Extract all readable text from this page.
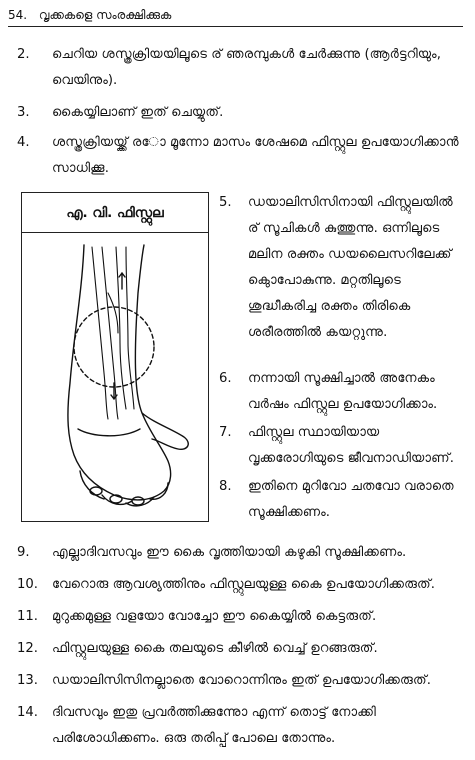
54. വൃക്കകളെ സംരക്ഷിക്കുക
2.	ചെറിയ ശസ്ത്രക്രിയയിലൂടെ ര് ഞരമ്പുകൾ ചേർക്കുന്നു (ആർട്ടറിയും, വെയിനും).
3.	കൈയ്യിലാണ് ഇത് ചെയ്യുത്.
4.	ശസ്ത്രക്രിയയ്ക്ക് ര​ോ മൂന്നോ മാസം ശേഷമെ ഫിസ്റ്റുല ഉപയോഗിക്കാൻ സാധിക്കൂ.
എ. വി. ഫിസ്റ്റുല
5.	ഡയാലിസിസിനായി ഫിസ്റ്റുലയിൽ ര് സൂചികൾ കുത്തുന്നു. ഒന്നിലൂടെ മലിന രക്തം ഡയലൈസറിലേക്ക് കൊുപോകുന്നു. മറ്റതിലൂടെ ശുദ്ധീകരിച്ച രക്തം തിരികെ ശരീരത്തിൽ കയറ്റുന്നു.
6.	നന്നായി സൂക്ഷിച്ചാൽ അനേകം വർഷം ഫിസ്റ്റുല ഉപയോഗിക്കാം.
7.	ഫിസ്റ്റുല സ്ഥായിയായ വൃക്കരോഗിയുടെ ജീവനാഡിയാണ്.
8.	ഇതിനെ മുറിവോ ചതവോ വരാതെ സൂക്ഷിക്കണം.
9.	എല്ലാദിവസവും ഈ കൈ വൃത്തിയായി കഴുകി സൂക്ഷിക്കണം.
10. വേറൊരു ആവശ്യത്തിനും ഫിസ്റ്റുലയുള്ള കൈ ഉപയോഗിക്കരുത്.
11. മുറുക്കമുള്ള വളയോ വോച്ചോ ഈ കൈയ്യിൽ കെട്ടരുത്.
12. ഫിസ്റ്റുലയുള്ള കൈ തലയുടെ കീഴിൽ വെച്ച് ഉറങ്ങരുത്.
13. ഡയാലിസിസിനല്ലാതെ വോറൊന്നിനും ഇത് ഉപയോഗിക്കരുത്.
14. ദിവസവും ഇതു പ്രവർത്തിക്കുന്നുോ എന്ന് തൊട്ട് നോക്കി പരിശോധിക്കണം. ഒരു തരിപ്പ് പോലെ തോന്നും.
